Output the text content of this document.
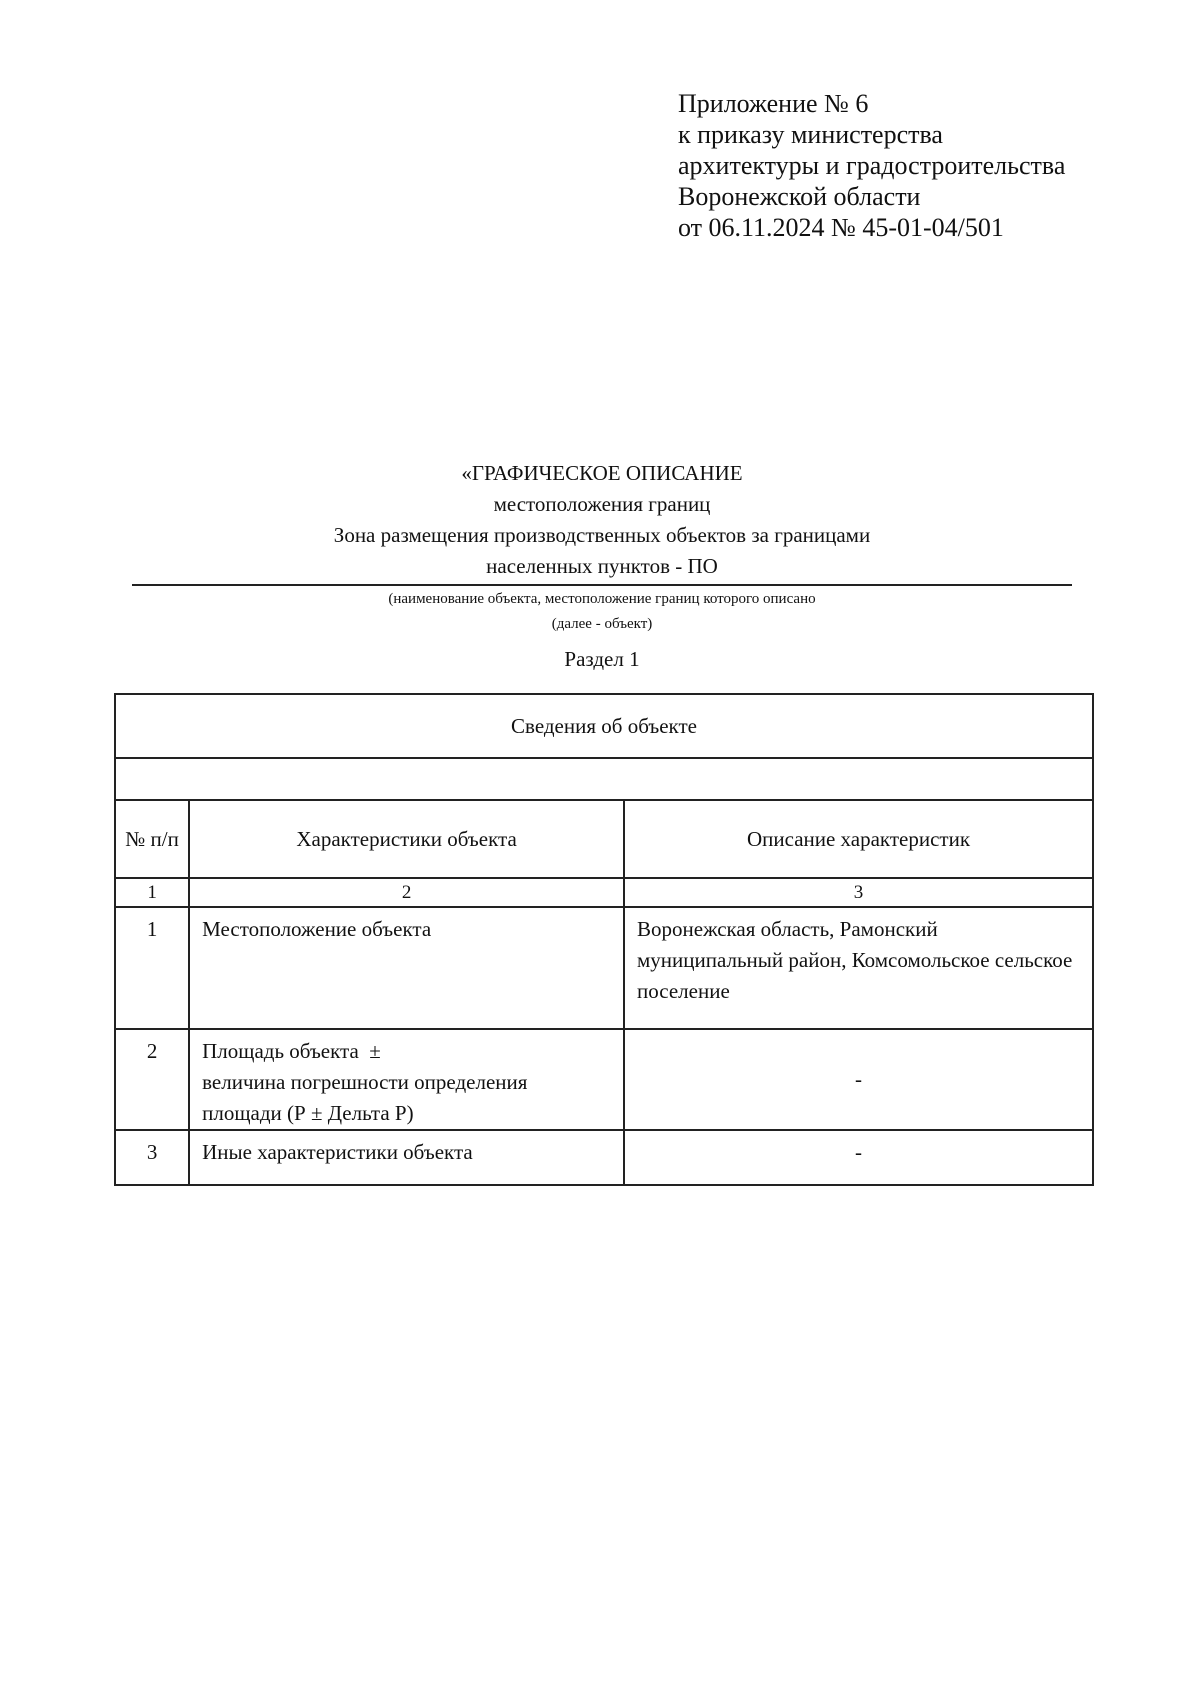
Приложение № 6
к приказу министерства
архитектуры и градостроительства
Воронежской области
от 06.11.2024 № 45-01-04/501
«ГРАФИЧЕСКОЕ ОПИСАНИЕ
местоположения границ
Зона размещения производственных объектов за границами
населенных пунктов - ПО
(наименование объекта, местоположение границ которого описано
(далее - объект)
Раздел 1
Сведения об объекте		

№ п/п	Характеристики объекта	Описание характеристик
1	2	3
1	Местоположение объекта	Воронежская область, Рамонский муниципальный район, Комсомольское сельское поселение
2	Площадь объекта  ±
величина погрешности определения
площади (Р ± Дельта Р)	-
3	Иные характеристики объекта	-
